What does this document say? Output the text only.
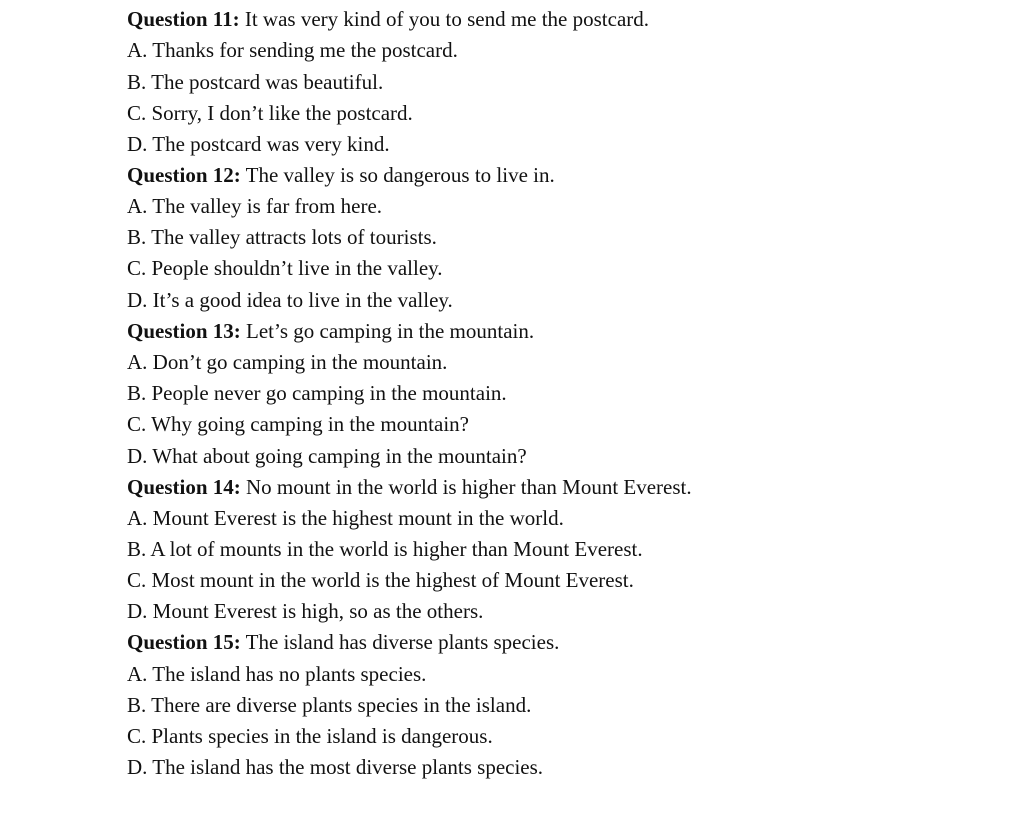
Question 11: It was very kind of you to send me the postcard.
A. Thanks for sending me the postcard.
B. The postcard was beautiful.
C. Sorry, I don’t like the postcard.
D. The postcard was very kind.
Question 12: The valley is so dangerous to live in.
A. The valley is far from here.
B. The valley attracts lots of tourists.
C. People shouldn’t live in the valley.
D. It’s a good idea to live in the valley.
Question 13: Let’s go camping in the mountain.
A. Don’t go camping in the mountain.
B. People never go camping in the mountain.
C. Why going camping in the mountain?
D. What about going camping in the mountain?
Question 14: No mount in the world is higher than Mount Everest.
A. Mount Everest is the highest mount in the world.
B. A lot of mounts in the world is higher than Mount Everest.
C. Most mount in the world is the highest of Mount Everest.
D. Mount Everest is high, so as the others.
Question 15: The island has diverse plants species.
A. The island has no plants species.
B. There are diverse plants species in the island.
C. Plants species in the island is dangerous.
D. The island has the most diverse plants species.
